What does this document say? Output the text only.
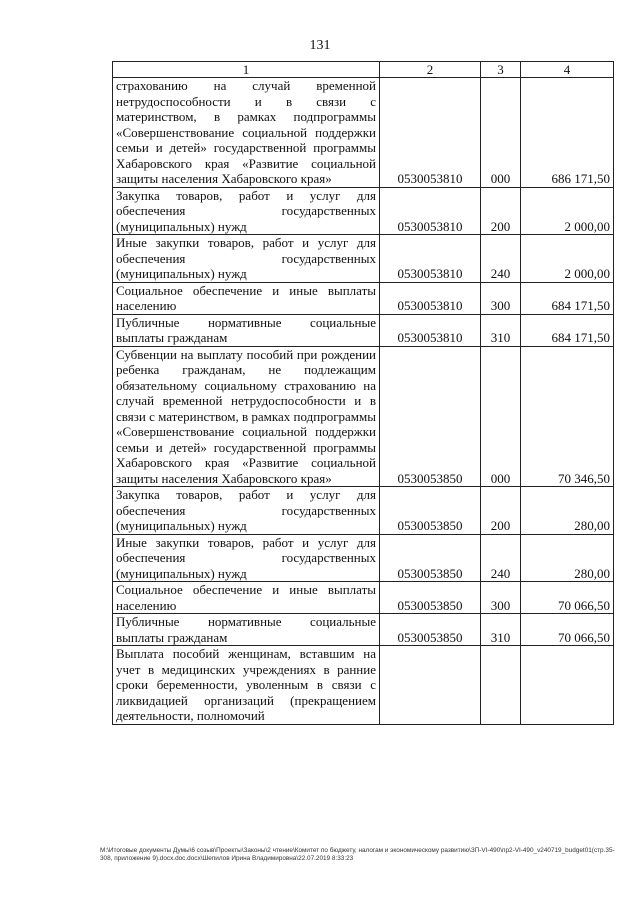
131
1	2	3	4
страхованию на случай временной нетрудоспособности и в связи с материнством, в рамках подпрограммы «Совершенствование социальной поддержки семьи и детей» государственной программы Хабаровского края «Развитие социальной защиты населения Хабаровского края»	0530053810	000	686 171,50
Закупка товаров, работ и услуг для обеспечения государственных (муниципальных) нужд	0530053810	200	2 000,00
Иные закупки товаров, работ и услуг для обеспечения государственных (муниципальных) нужд	0530053810	240	2 000,00
Социальное обеспечение и иные выплаты населению	0530053810	300	684 171,50
Публичные нормативные социальные выплаты гражданам	0530053810	310	684 171,50
Субвенции на выплату пособий при рождении ребенка гражданам, не подлежащим обязательному социальному страхованию на случай временной нетрудоспособности и в связи с материнством, в рамках подпрограммы «Совершенствование социальной поддержки семьи и детей» государственной программы Хабаровского края «Развитие социальной защиты населения Хабаровского края»	0530053850	000	70 346,50
Закупка товаров, работ и услуг для обеспечения государственных (муниципальных) нужд	0530053850	200	280,00
Иные закупки товаров, работ и услуг для обеспечения государственных (муниципальных) нужд	0530053850	240	280,00
Социальное обеспечение и иные выплаты населению	0530053850	300	70 066,50
Публичные нормативные социальные выплаты гражданам	0530053850	310	70 066,50
Выплата пособий женщинам, вставшим на учет в медицинских учреждениях в ранние сроки беременности, уволенным в связи с ликвидацией организаций (прекращением деятельности, полномочий			
М:\Итоговые документы Думы\6 созыв\Проекты\Законы\2 чтение\Комитет по бюджету, налогам и экономическому развитию\ЗП-VI-490\пр2-VI-490_v240719_budget01(стр.35-308, приложение 9).docx.doc.docx\Шепилов Ирина Владимировна\22.07.2019 8:33:23
